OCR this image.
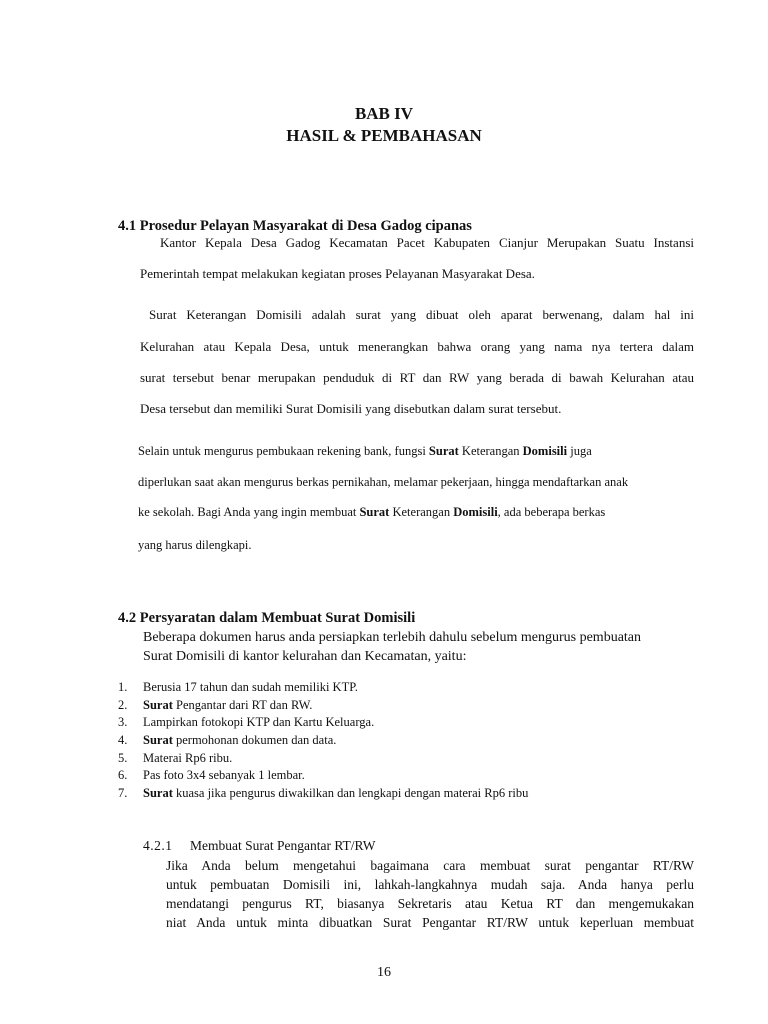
BAB IV
HASIL & PEMBAHASAN
4.1 Prosedur Pelayan Masyarakat di Desa Gadog cipanas
Kantor Kepala Desa Gadog Kecamatan Pacet Kabupaten Cianjur Merupakan Suatu Instansi
Pemerintah tempat melakukan kegiatan proses Pelayanan Masyarakat Desa.
Surat Keterangan Domisili adalah surat yang dibuat oleh aparat berwenang, dalam hal ini
Kelurahan atau Kepala Desa, untuk menerangkan bahwa orang yang nama nya tertera dalam
surat tersebut benar merupakan penduduk di RT dan RW yang berada di bawah Kelurahan atau
Desa tersebut dan memiliki Surat Domisili yang disebutkan dalam surat tersebut.
Selain untuk mengurus pembukaan rekening bank, fungsi Surat Keterangan Domisili juga
diperlukan saat akan mengurus berkas pernikahan, melamar pekerjaan, hingga mendaftarkan anak
ke sekolah. Bagi Anda yang ingin membuat Surat Keterangan Domisili, ada beberapa berkas
yang harus dilengkapi.
4.2 Persyaratan dalam Membuat Surat Domisili
Beberapa dokumen harus anda persiapkan terlebih dahulu sebelum mengurus pembuatan
Surat Domisili di kantor kelurahan dan Kecamatan, yaitu:
1. Berusia 17 tahun dan sudah memiliki KTP.
2. Surat Pengantar dari RT dan RW.
3. Lampirkan fotokopi KTP dan Kartu Keluarga.
4. Surat permohonan dokumen dan data.
5. Materai Rp6 ribu.
6. Pas foto 3x4 sebanyak 1 lembar.
7. Surat kuasa jika pengurus diwakilkan dan lengkapi dengan materai Rp6 ribu
4.2.1 Membuat Surat Pengantar RT/RW
Jika Anda belum mengetahui bagaimana cara membuat surat pengantar RT/RW
untuk pembuatan Domisili ini, lahkah-langkahnya mudah saja. Anda hanya perlu
mendatangi pengurus RT, biasanya Sekretaris atau Ketua RT dan mengemukakan
niat Anda untuk minta dibuatkan Surat Pengantar RT/RW untuk keperluan membuat
16
